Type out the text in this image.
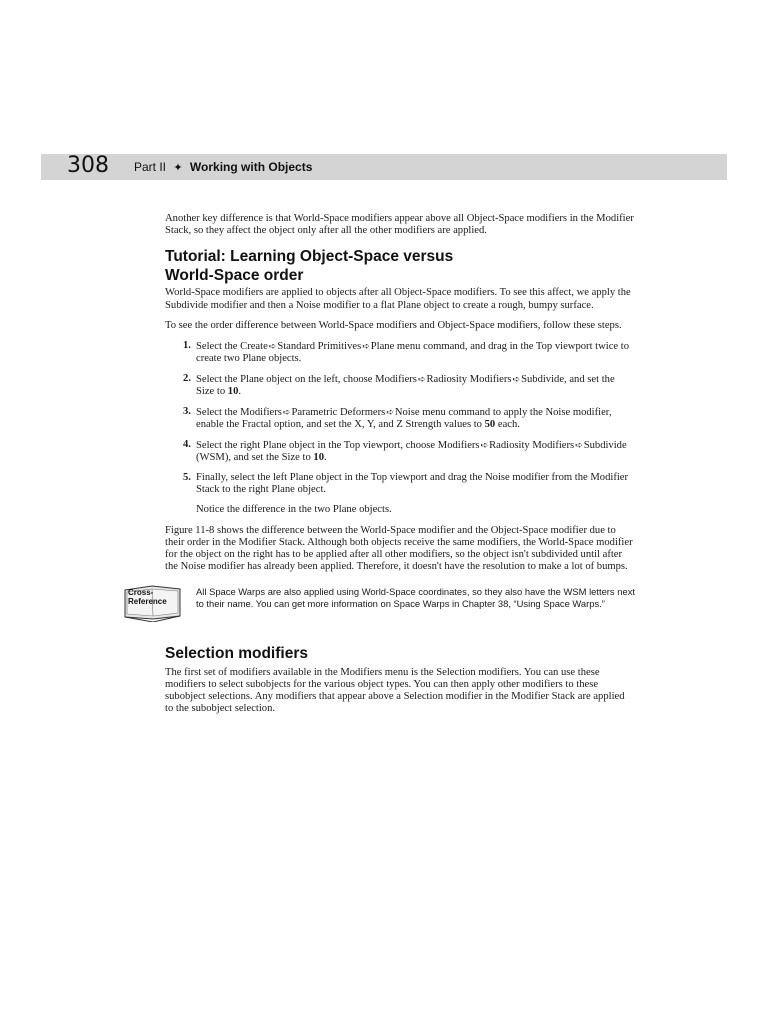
308 Part II ✦ Working with Objects

Another key difference is that World-Space modifiers appear above all Object-Space modifiers in the Modifier Stack, so they affect the object only after all the other modifiers are applied.

Tutorial: Learning Object-Space versus
World-Space order

World-Space modifiers are applied to objects after all Object-Space modifiers. To see this affect, we apply the Subdivide modifier and then a Noise modifier to a flat Plane object to create a rough, bumpy surface.

To see the order difference between World-Space modifiers and Object-Space modifiers, follow these steps.

1. Select the Create➪Standard Primitives➪Plane menu command, and drag in the Top viewport twice to create two Plane objects.
2. Select the Plane object on the left, choose Modifiers➪Radiosity Modifiers➪Subdivide, and set the Size to 10.
3. Select the Modifiers➪Parametric Deformers➪Noise menu command to apply the Noise modifier, enable the Fractal option, and set the X, Y, and Z Strength values to 50 each.
4. Select the right Plane object in the Top viewport, choose Modifiers➪Radiosity Modifiers➪Subdivide (WSM), and set the Size to 10.
5. Finally, select the left Plane object in the Top viewport and drag the Noise modifier from the Modifier Stack to the right Plane object.

Notice the difference in the two Plane objects.

Figure 11-8 shows the difference between the World-Space modifier and the Object-Space modifier due to their order in the Modifier Stack. Although both objects receive the same modifiers, the World-Space modifier for the object on the right has to be applied after all other modifiers, so the object isn't subdivided until after the Noise modifier has already been applied. Therefore, it doesn't have the resolution to make a lot of bumps.

Cross-
Reference
All Space Warps are also applied using World-Space coordinates, so they also have the WSM letters next to their name. You can get more information on Space Warps in Chapter 38, “Using Space Warps.”
Selection modifiers

The first set of modifiers available in the Modifiers menu is the Selection modifiers. You can use these modifiers to select subobjects for the various object types. You can then apply other modifiers to these subobject selections. Any modifiers that appear above a Selection modifier in the Modifier Stack are applied to the subobject selection.
